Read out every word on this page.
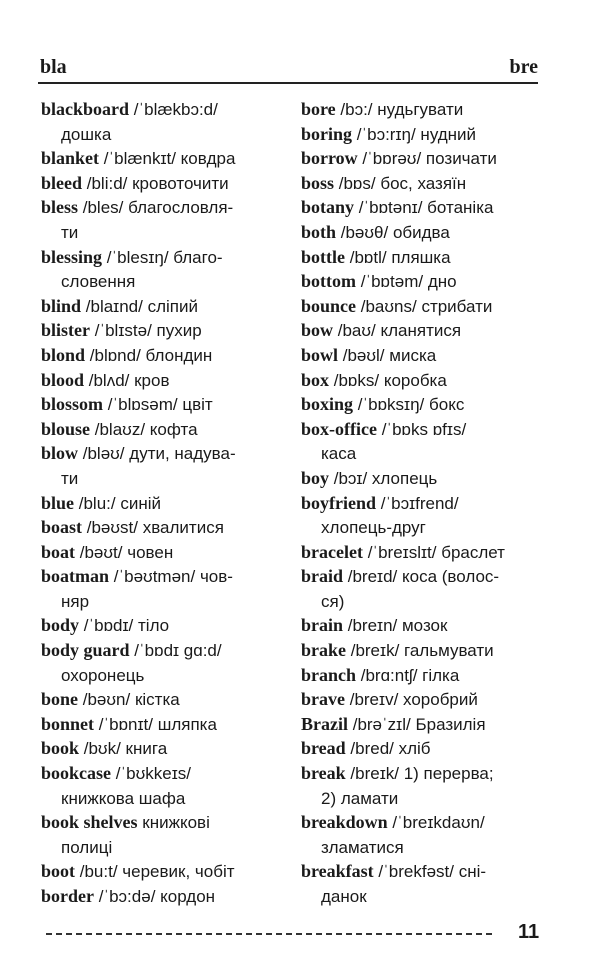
bla	bre
blackboard /ˈblækbɔ:d/
дошка
blanket /ˈblænkɪt/ ковдра
bleed /bli:d/ кровоточити
bless /bles/ благословля-
ти
blessing /ˈblesɪŋ/ благо-
словення
blind /blaɪnd/ сліпий
blister /ˈblɪstə/ пухир
blond /blɒnd/ блондин
blood /blʌd/ кров
blossom /ˈblɒsəm/ цвіт
blouse /blaʊz/ кофта
blow /bləʊ/ дути, надува-
ти
blue /blu:/ синій
boast /bəʊst/ хвалитися
boat /bəʊt/ човен
boatman /ˈbəʊtmən/ чов-
няр
body /ˈbɒdɪ/ тіло
body guard /ˈbɒdɪ gɑ:d/
охоронець
bone /bəʊn/ кістка
bonnet /ˈbɒnɪt/ шляпка
book /bʊk/ книга
bookcase /ˈbʊkkeɪs/
книжкова шафа
book shelves книжкові
полиці
boot /bu:t/ черевик, чобіт
border /ˈbɔ:də/ кордон
bore /bɔ:/ нудьгувати
boring /ˈbɔ:rɪŋ/ нудний
borrow /ˈbɒrəʊ/ позичати
boss /bɒs/ бос, хазяїн
botany /ˈbɒtənɪ/ ботаніка
both /bəʊθ/ обидва
bottle /bɒtl/ пляшка
bottom /ˈbɒtəm/ дно
bounce /baʊns/ стрибати
bow /baʊ/ кланятися
bowl /bəʊl/ миска
box /bɒks/ коробка
boxing /ˈbɒksɪŋ/ бокс
box-office /ˈbɒks ɒfɪs/
каса
boy /bɔɪ/ хлопець
boyfriend /ˈbɔɪfrend/
хлопець-друг
bracelet /ˈbreɪslɪt/ браслет
braid /breɪd/ коса (волос-
ся)
brain /breɪn/ мозок
brake /breɪk/ гальмувати
branch /brɑ:ntʃ/ гілка
brave /breɪv/ хоробрий
Brazil /brəˈzɪl/ Бразилія
bread /bred/ хліб
break /breɪk/ 1) перерва;
2) ламати
breakdown /ˈbreɪkdaʊn/
зламатися
breakfast /ˈbrekfəst/ сні-
данок
11
